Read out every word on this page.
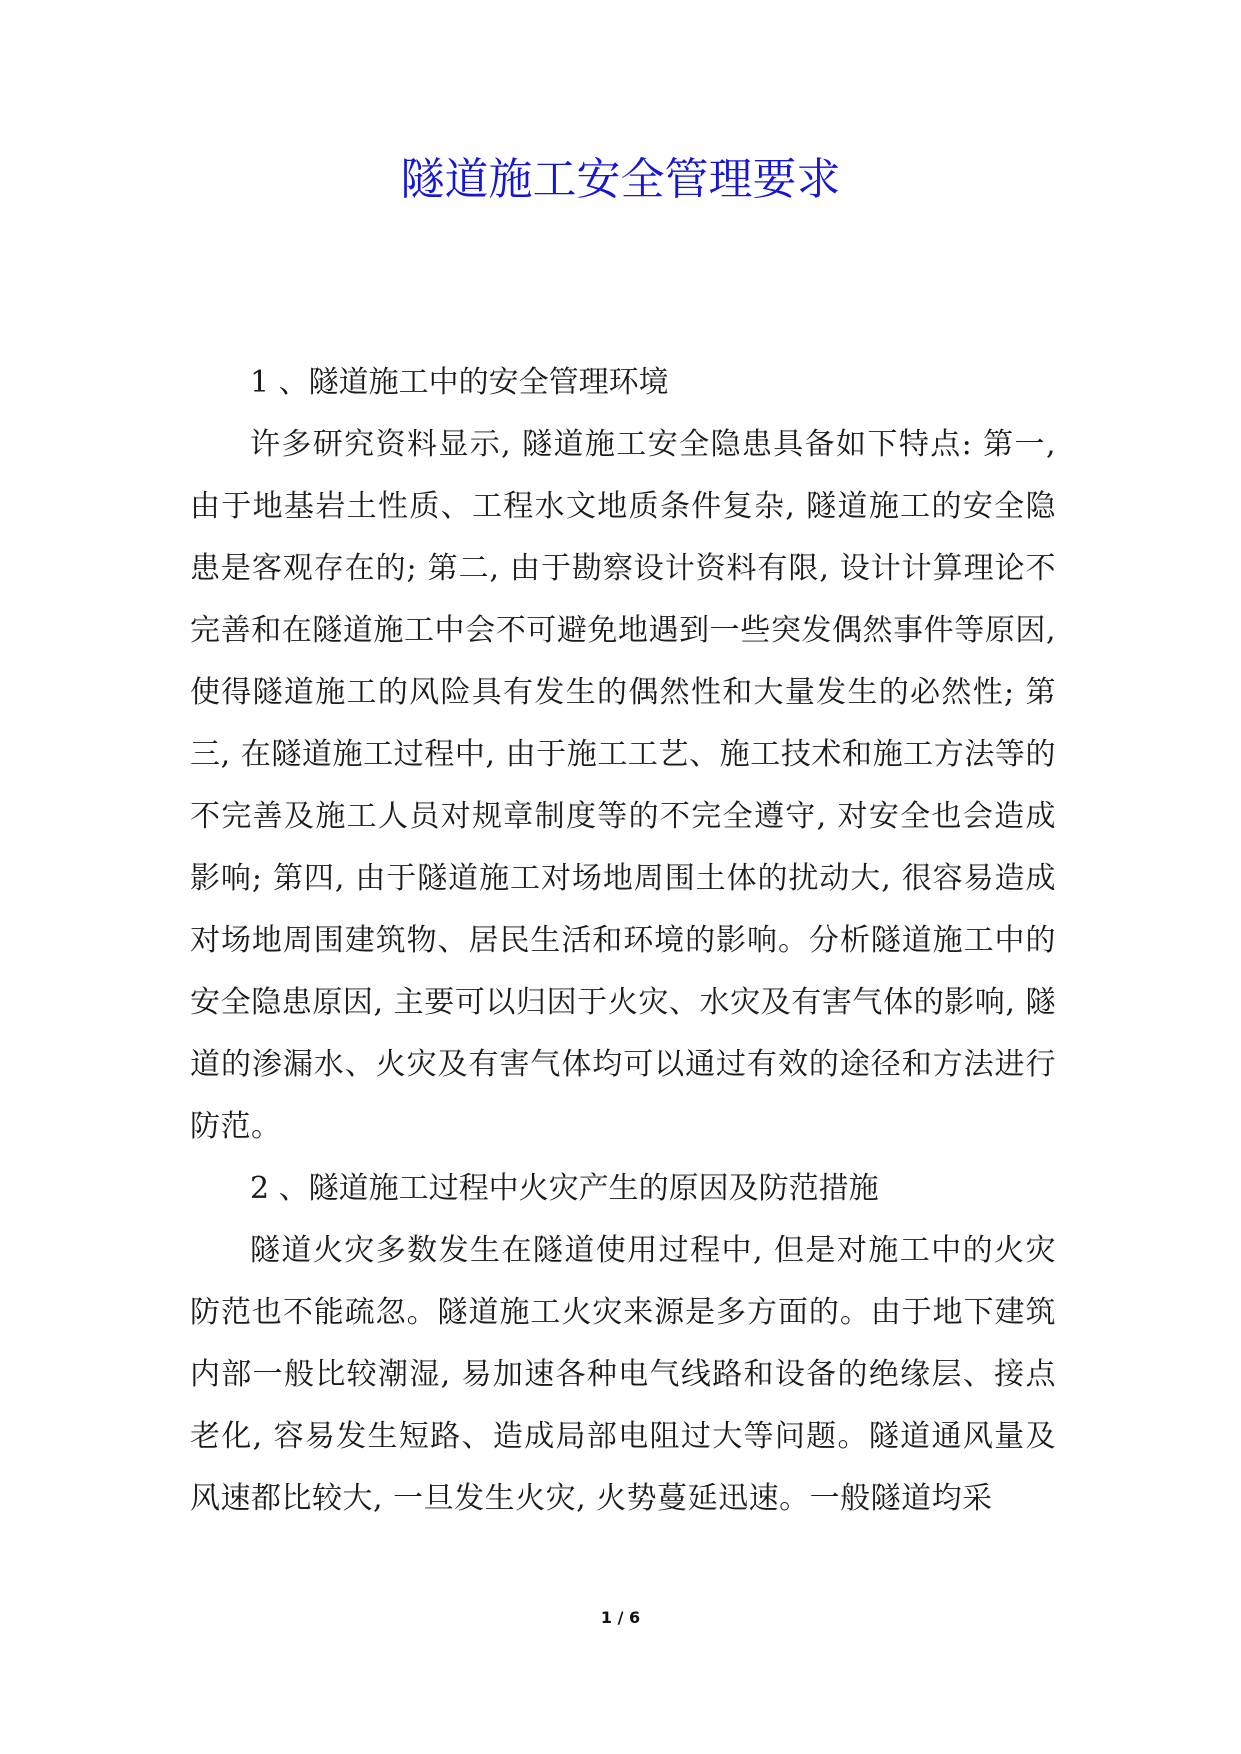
隧道施工安全管理要求

1 、隧道施工中的安全管理环境

许多研究资料显示, 隧道施工安全隐患具备如下特点: 第一, 由于地基岩土性质、工程水文地质条件复杂, 隧道施工的安全隐患是客观存在的; 第二, 由于勘察设计资料有限, 设计计算理论不完善和在隧道施工中会不可避免地遇到一些突发偶然事件等原因, 使得隧道施工的风险具有发生的偶然性和大量发生的必然性; 第三, 在隧道施工过程中, 由于施工工艺、施工技术和施工方法等的不完善及施工人员对规章制度等的不完全遵守, 对安全也会造成影响; 第四, 由于隧道施工对场地周围土体的扰动大, 很容易造成对场地周围建筑物、居民生活和环境的影响。分析隧道施工中的安全隐患原因, 主要可以归因于火灾、水灾及有害气体的影响, 隧道的渗漏水、火灾及有害气体均可以通过有效的途径和方法进行防范。

2 、隧道施工过程中火灾产生的原因及防范措施

隧道火灾多数发生在隧道使用过程中, 但是对施工中的火灾防范也不能疏忽。隧道施工火灾来源是多方面的。由于地下建筑内部一般比较潮湿, 易加速各种电气线路和设备的绝缘层、接点老化, 容易发生短路、造成局部电阻过大等问题。隧道通风量及风速都比较大, 一旦发生火灾, 火势蔓延迅速。一般隧道均采

1 / 6
